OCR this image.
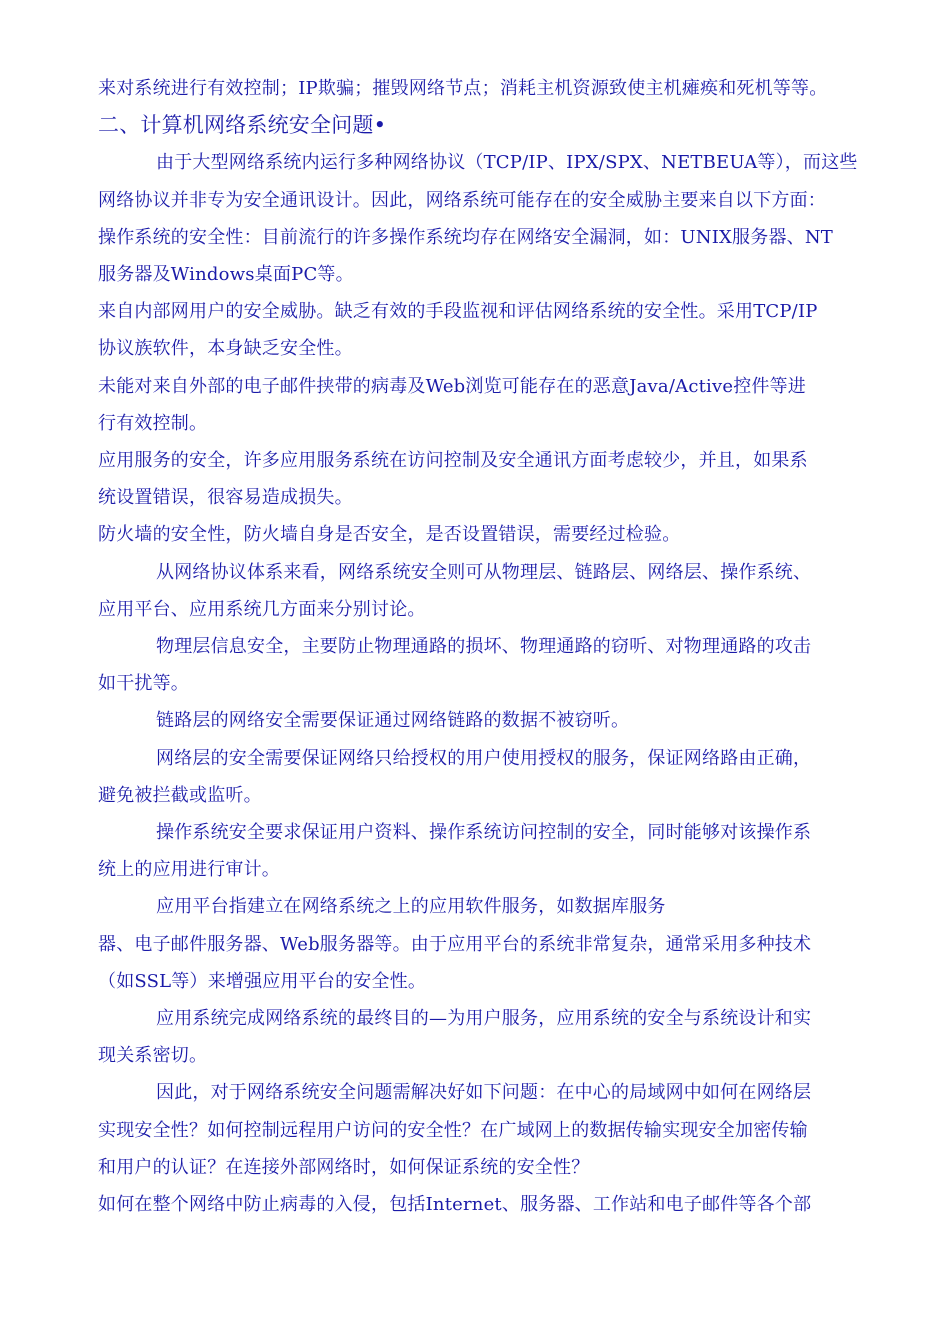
来对系统进行有效控制；IP欺骗；摧毁网络节点；消耗主机资源致使主机瘫痪和死机等等。
二、计算机网络系统安全问题•
由于大型网络系统内运行多种网络协议（TCP/IP、IPX/SPX、NETBEUA等），而这些
网络协议并非专为安全通讯设计。因此，网络系统可能存在的安全威胁主要来自以下方面：
操作系统的安全性：目前流行的许多操作系统均存在网络安全漏洞，如：UNIX服务器、NT
服务器及Windows桌面PC等。
来自内部网用户的安全威胁。缺乏有效的手段监视和评估网络系统的安全性。采用TCP/IP
协议族软件，本身缺乏安全性。
未能对来自外部的电子邮件挟带的病毒及Web浏览可能存在的恶意Java/Active控件等进
行有效控制。
应用服务的安全，许多应用服务系统在访问控制及安全通讯方面考虑较少，并且，如果系
统设置错误，很容易造成损失。
防火墙的安全性，防火墙自身是否安全，是否设置错误，需要经过检验。
从网络协议体系来看，网络系统安全则可从物理层、链路层、网络层、操作系统、
应用平台、应用系统几方面来分别讨论。
物理层信息安全，主要防止物理通路的损坏、物理通路的窃听、对物理通路的攻击
如干扰等。
链路层的网络安全需要保证通过网络链路的数据不被窃听。
网络层的安全需要保证网络只给授权的用户使用授权的服务，保证网络路由正确，
避免被拦截或监听。
操作系统安全要求保证用户资料、操作系统访问控制的安全，同时能够对该操作系
统上的应用进行审计。
应用平台指建立在网络系统之上的应用软件服务，如数据库服务
器、电子邮件服务器、Web服务器等。由于应用平台的系统非常复杂，通常采用多种技术
（如SSL等）来增强应用平台的安全性。
应用系统完成网络系统的最终目的—为用户服务，应用系统的安全与系统设计和实
现关系密切。
因此，对于网络系统安全问题需解决好如下问题：在中心的局域网中如何在网络层
实现安全性？如何控制远程用户访问的安全性？在广域网上的数据传输实现安全加密传输
和用户的认证？在连接外部网络时，如何保证系统的安全性？
如何在整个网络中防止病毒的入侵，包括Internet、服务器、工作站和电子邮件等各个部
